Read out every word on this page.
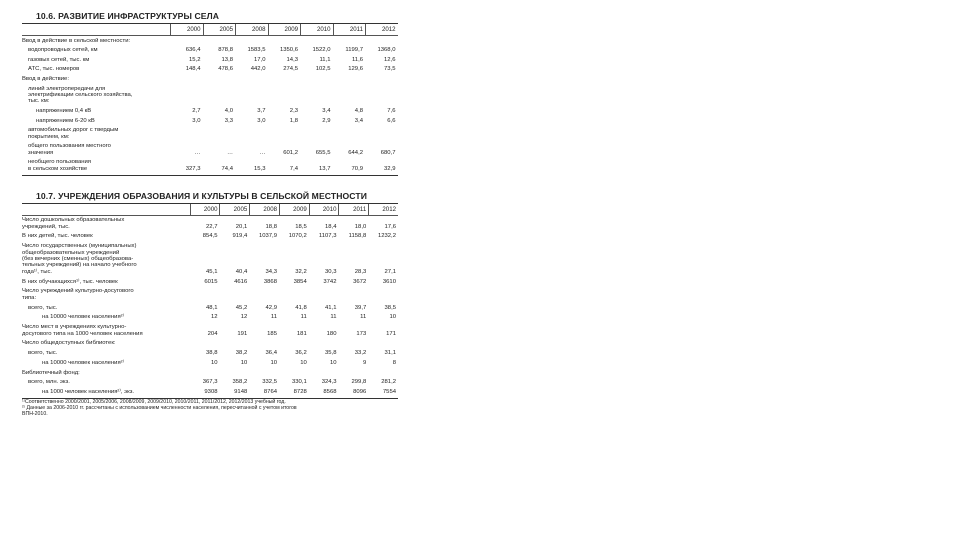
10.6. РАЗВИТИЕ ИНФРАСТРУКТУРЫ СЕЛА
2000	2005	2008	2009	2010	2011	2012
Ввод в действие в сельской местности:
водопроводных сетей, км	636,4	878,8	1583,5	1350,6	1522,0	1199,7	1368,0
газовых сетей, тыс. км	15,2	13,8	17,0	14,3	11,1	11,6	12,6
АТС, тыс. номеров	148,4	478,6	442,0	274,5	102,5	129,6	73,5
Ввод в действие:
линий электропередачи для
электрификации сельского хозяйства,
тыс. км:
напряжением 0,4 кВ	2,7	4,0	3,7	2,3	3,4	4,8	7,6
напряжением 6-20 кВ	3,0	3,3	3,0	1,8	2,9	3,4	6,6
автомобильных дорог с твердым
покрытием, км:
общего пользования местного
значения	…	…	…	601,2	655,5	644,2	680,7
необщего пользования
в сельском хозяйстве	327,3	74,4	15,3	7,4	13,7	70,9	32,9
10.7. УЧРЕЖДЕНИЯ ОБРАЗОВАНИЯ И КУЛЬТУРЫ В СЕЛЬСКОЙ МЕСТНОСТИ
2000	2005	2008	2009	2010	2011	2012
Число дошкольных образовательных
учреждений, тыс.	22,7	20,1	18,8	18,5	18,4	18,0	17,6
В них детей, тыс. человек	854,5	919,4	1037,9	1070,2	1107,3	1158,8	1232,2
Число государственных (муниципальных)
общеобразовательных учреждений
(без вечерних (сменных) общеобразова-
тельных учреждений) на начало учебного
года¹⁾, тыс.	45,1	40,4	34,3	32,2	30,3	28,3	27,1
В них обучающихся¹⁾, тыс. человек	6015	4616	3868	3854	3742	3672	3610
Число учреждений культурно-досугового
типа:
всего, тыс.	48,1	45,2	42,9	41,8	41,1	39,7	38,5
на 10000 человек населения²⁾	12	12	11	11	11	11	10
Число мест в учреждениях культурно-
досугового типа на 1000 человек населения	204	191	185	181	180	173	171
Число общедоступных библиотек:
всего, тыс.	38,8	38,2	36,4	36,2	35,8	33,2	31,1
на 10000 человек населения²⁾	10	10	10	10	10	9	8
Библиотечный фонд:
всего, млн. экз.	367,3	358,2	332,5	330,1	324,3	299,8	281,2
на 1000 человек населения²⁾, экз.	9308	9148	8764	8728	8568	8096	7554
¹⁾Соответственно 2000/2001, 2005/2006, 2008/2009, 2009/2010, 2010/2011, 2011/2012, 2012/2013 учебный год.
²⁾ Данные за 2006-2010 гг. рассчитаны с использованием численности населения, пересчитанной с учетом итогов
ВПН-2010.
